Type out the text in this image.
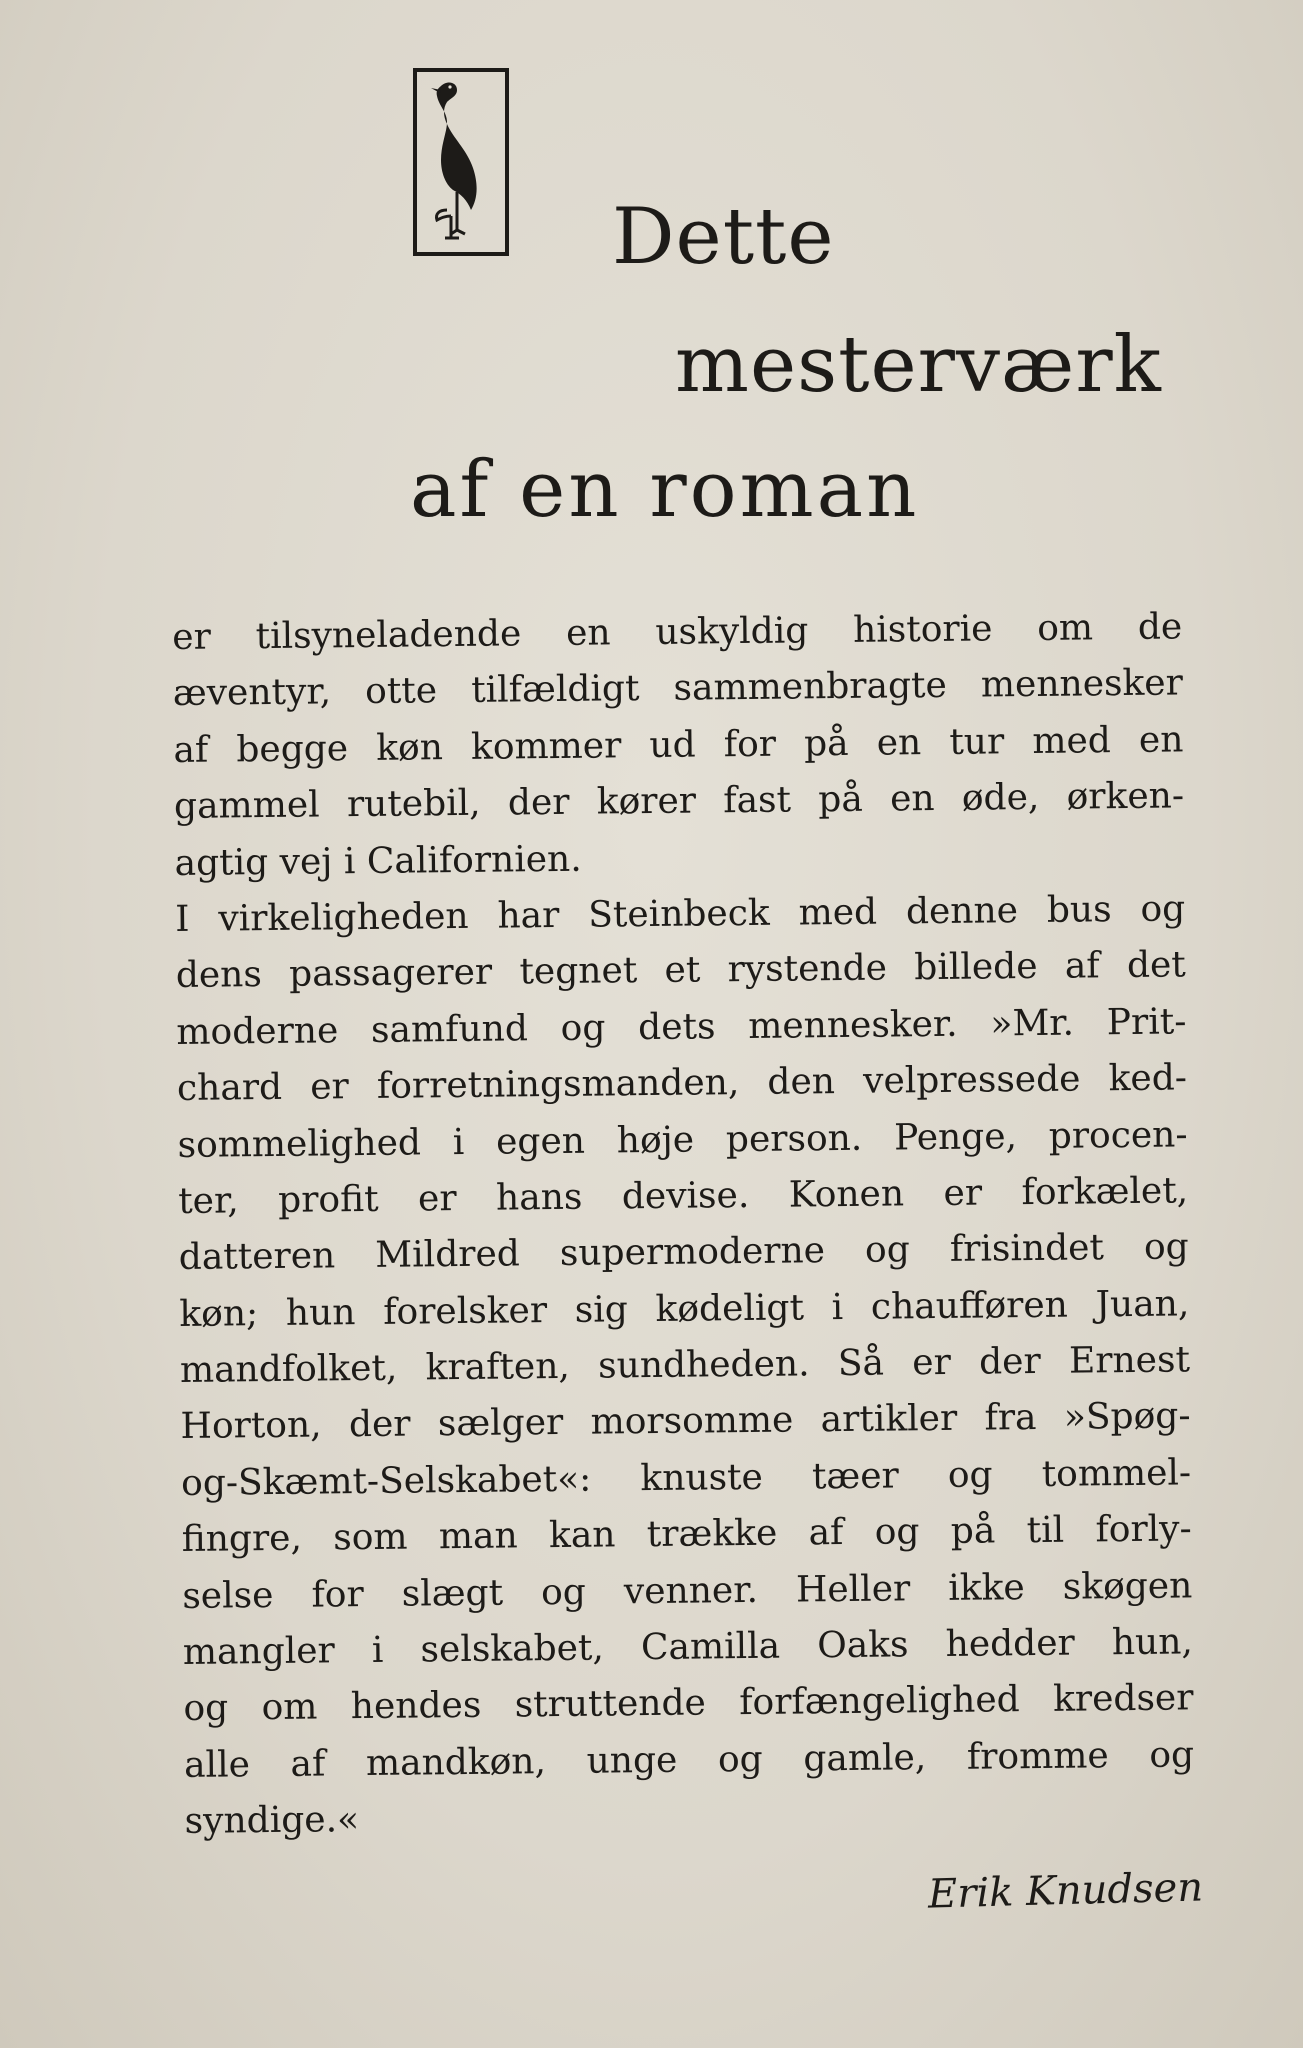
Dette
mesterværk
af en roman
er tilsyneladende en uskyldig historie om de
æventyr, otte tilfældigt sammenbragte mennesker
af begge køn kommer ud for på en tur med en
gammel rutebil, der kører fast på en øde, ørken-
agtig vej i Californien.
I virkeligheden har Steinbeck med denne bus og
dens passagerer tegnet et rystende billede af det
moderne samfund og dets mennesker. »Mr. Prit-
chard er forretningsmanden, den velpressede ked-
sommelighed i egen høje person. Penge, procen-
ter, profit er hans devise. Konen er forkælet,
datteren Mildred supermoderne og frisindet og
køn; hun forelsker sig kødeligt i chaufføren Juan,
mandfolket, kraften, sundheden. Så er der Ernest
Horton, der sælger morsomme artikler fra »Spøg-
og-Skæmt-Selskabet«: knuste tæer og tommel-
fingre, som man kan trække af og på til forly-
selse for slægt og venner. Heller ikke skøgen
mangler i selskabet, Camilla Oaks hedder hun,
og om hendes struttende forfængelighed kredser
alle af mandkøn, unge og gamle, fromme og
syndige.«
Erik Knudsen
